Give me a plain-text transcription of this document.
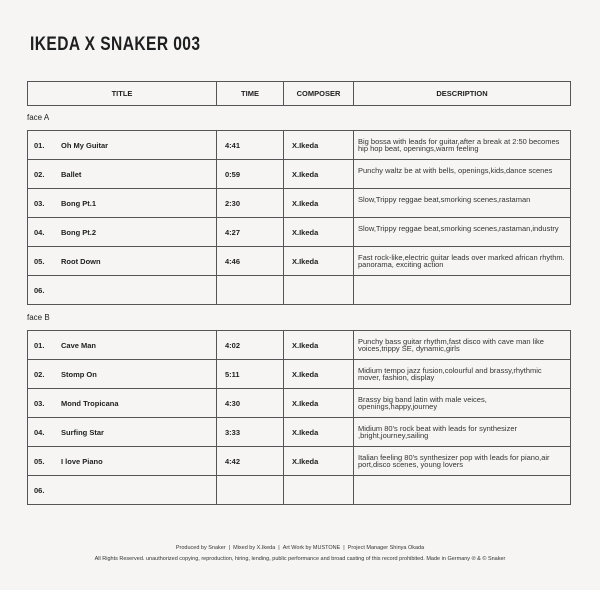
IKEDA X SNAKER 003
TITLE	TIME	COMPOSER	DESCRIPTION
face A
01. Oh My Guitar	4:41	X.Ikeda	Big bossa with leads for guitar,after a break at 2:50 becomes hip hop beat, openings,warm feeling
02. Ballet	0:59	X.Ikeda	Punchy waltz be at with bells, openings,kids,dance scenes
03. Bong Pt.1	2:30	X.Ikeda	Slow,Trippy reggae beat,smorking scenes,rastaman
04. Bong Pt.2	4:27	X.Ikeda	Slow,Trippy reggae beat,smorking scenes,rastaman,industry
05. Root Down	4:46	X.Ikeda	Fast rock-like,electric guitar leads over marked african rhythm. panorama, exciting action
06.			
face B
01. Cave Man	4:02	X.Ikeda	Punchy bass guitar rhythm,fast disco with cave man like voices,trippy SE, dynamic,girls
02. Stomp On	5:11	X.Ikeda	Midium tempo jazz fusion,colourful and brassy,rhythmic mover, fashion, display
03. Mond Tropicana	4:30	X.Ikeda	Brassy big band latin with male veices, openings,happy,journey
04. Surfing Star	3:33	X.Ikeda	Midium 80's rock beat with leads for synthesizer ,bright,journey,sailing
05. I love Piano	4:42	X.Ikeda	Italian feeling 80's synthesizer pop with leads for piano,air port,disco scenes, young lovers
06.			
Produced by Snaker | Mixed by X.Ikeda | Art Work by MUSTONE | Project Manager Shinya Okada
All Rights Reserved. unauthorized copying, reproduction, hiring, lending, public performance and broad casting of this record prohibited. Made in Germany ℗ & © Snaker
